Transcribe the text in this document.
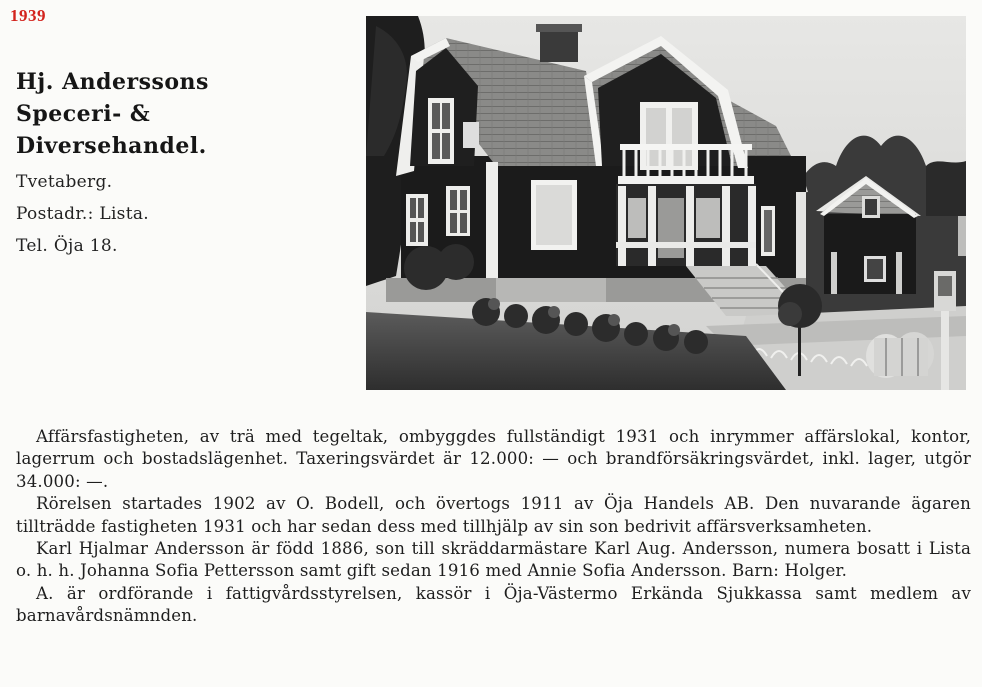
1939
Hj. Anderssons
Speceri- &
Diversehandel.
Tvetaberg.
Postadr.: Lista.
Tel. Öja 18.

Affärsfastigheten, av trä med tegeltak, ombyggdes fullständigt 1931 och inrymmer affärslokal, kontor, lagerrum och bostadslägenhet. Taxeringsvärdet är 12.000: — och brandförsäkringsvärdet, inkl. lager, utgör 34.000: —.

Rörelsen startades 1902 av O. Bodell, och övertogs 1911 av Öja Handels AB. Den nuvarande ägaren tillträdde fastigheten 1931 och har sedan dess med tillhjälp av sin son bedrivit affärsverksamheten.

Karl Hjalmar Andersson är född 1886, son till skräddarmästare Karl Aug. Andersson, numera bosatt i Lista o. h. h. Johanna Sofia Pettersson samt gift sedan 1916 med Annie Sofia Andersson. Barn: Holger.

A. är ordförande i fattigvårdsstyrelsen, kassör i Öja-Västermo Erkända Sjukkassa samt medlem av barnavårdsnämnden.
